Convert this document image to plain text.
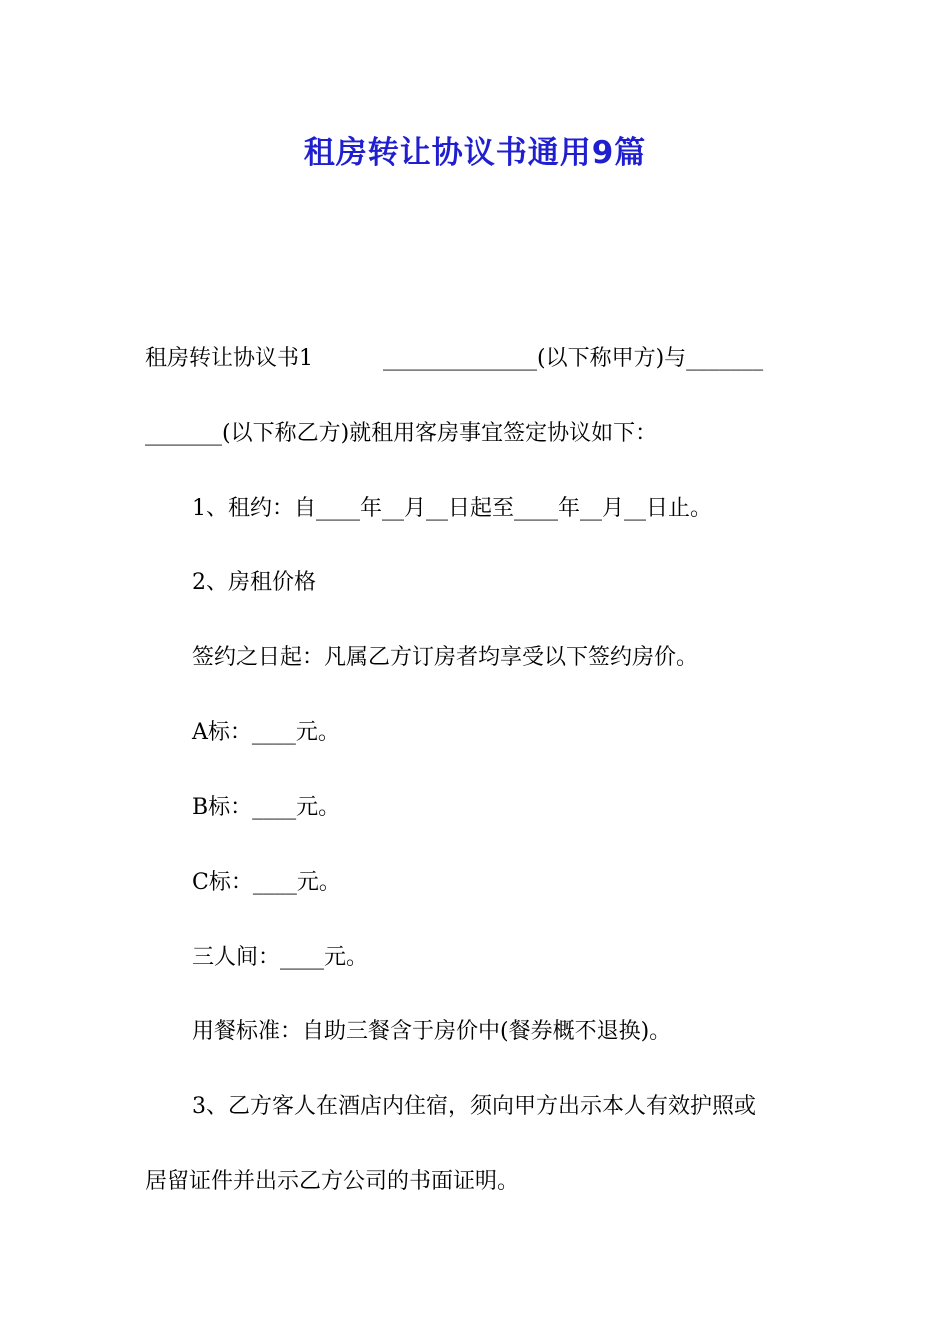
租房转让协议书通用9篇
租房转让协议书1	______________(以下称甲方)与_______
_______(以下称乙方)就租用客房事宜签定协议如下：
1、租约：自____年__月__日起至____年__月__日止。
2、房租价格
签约之日起：凡属乙方订房者均享受以下签约房价。
A标：____元。
B标：____元。
C标：____元。
三人间：____元。
用餐标准：自助三餐含于房价中(餐券概不退换)。
3、乙方客人在酒店内住宿，须向甲方出示本人有效护照或
居留证件并出示乙方公司的书面证明。
